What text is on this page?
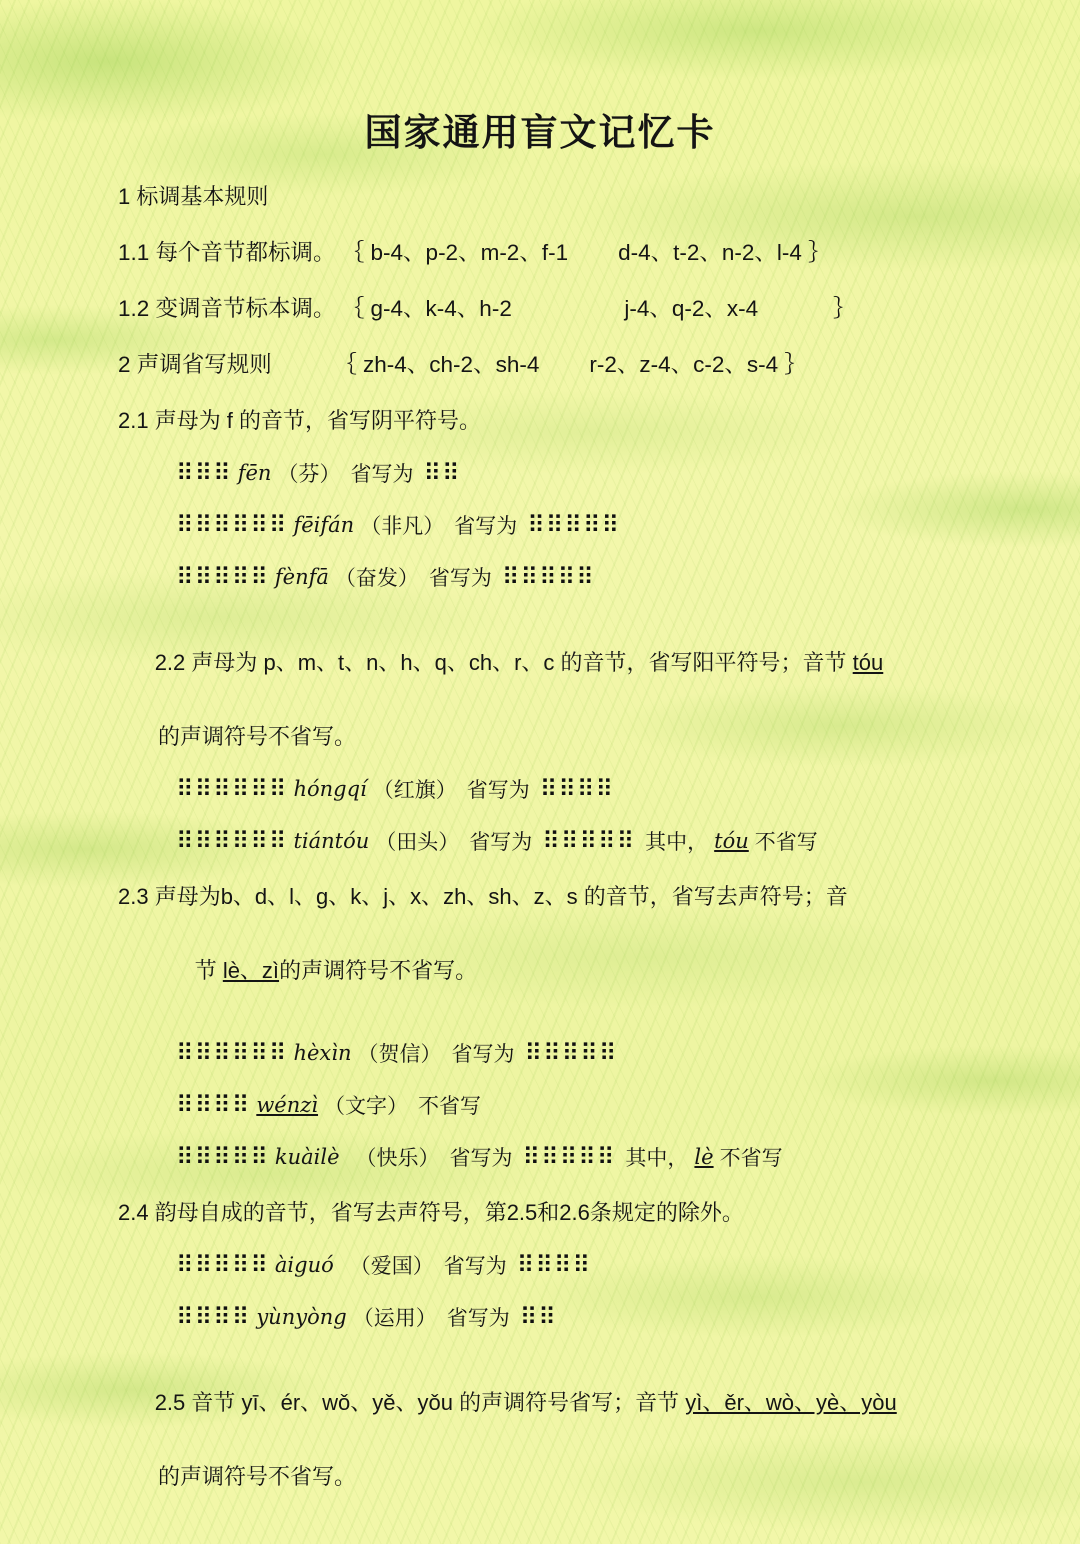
国家通用盲文记忆卡
1 标调基本规则
1.1 每个音节都标调。 ｛ b-4、p-2、m-2、f-1        d-4、t-2、n-2、l-4 ｝
1.2 变调音节标本调。 ｛ g-4、k-4、h-2                  j-4、q-2、x-4            ｝
2 声调省写规则          ｛ zh-4、ch-2、sh-4        r-2、z-4、c-2、s-4 ｝
2.1 声母为 f 的音节，省写阴平符号。
⠿⠿⠿ fēn （芬） 省写为 ⠿⠿
⠿⠿⠿⠿⠿⠿ fēifán （非凡） 省写为 ⠿⠿⠿⠿⠿
⠿⠿⠿⠿⠿ fènfā （奋发） 省写为 ⠿⠿⠿⠿⠿

2.2 声母为 p、m、t、n、h、q、ch、r、c 的音节，省写阳平符号；音节 tóu

的声调符号不省写。
⠿⠿⠿⠿⠿⠿ hóngqí （红旗） 省写为 ⠿⠿⠿⠿
⠿⠿⠿⠿⠿⠿ tiántóu （田头） 省写为 ⠿⠿⠿⠿⠿ 其中， tóu 不省写
2.3 声母为b、d、l、g、k、j、x、zh、sh、z、s 的音节，省写去声符号；音

节 lè、zì的声调符号不省写。

⠿⠿⠿⠿⠿⠿ hèxìn （贺信） 省写为 ⠿⠿⠿⠿⠿
⠿⠿⠿⠿ wénzì （文字） 不省写
⠿⠿⠿⠿⠿ kuàilè （快乐） 省写为 ⠿⠿⠿⠿⠿ 其中， lè 不省写
2.4 韵母自成的音节，省写去声符号，第2.5和2.6条规定的除外。
⠿⠿⠿⠿⠿ àiguó （爱国） 省写为 ⠿⠿⠿⠿
⠿⠿⠿⠿ yùnyòng （运用） 省写为 ⠿⠿

2.5 音节 yī、ér、wǒ、yě、yǒu 的声调符号省写；音节 yì、ěr、wò、yè、yòu

的声调符号不省写。
